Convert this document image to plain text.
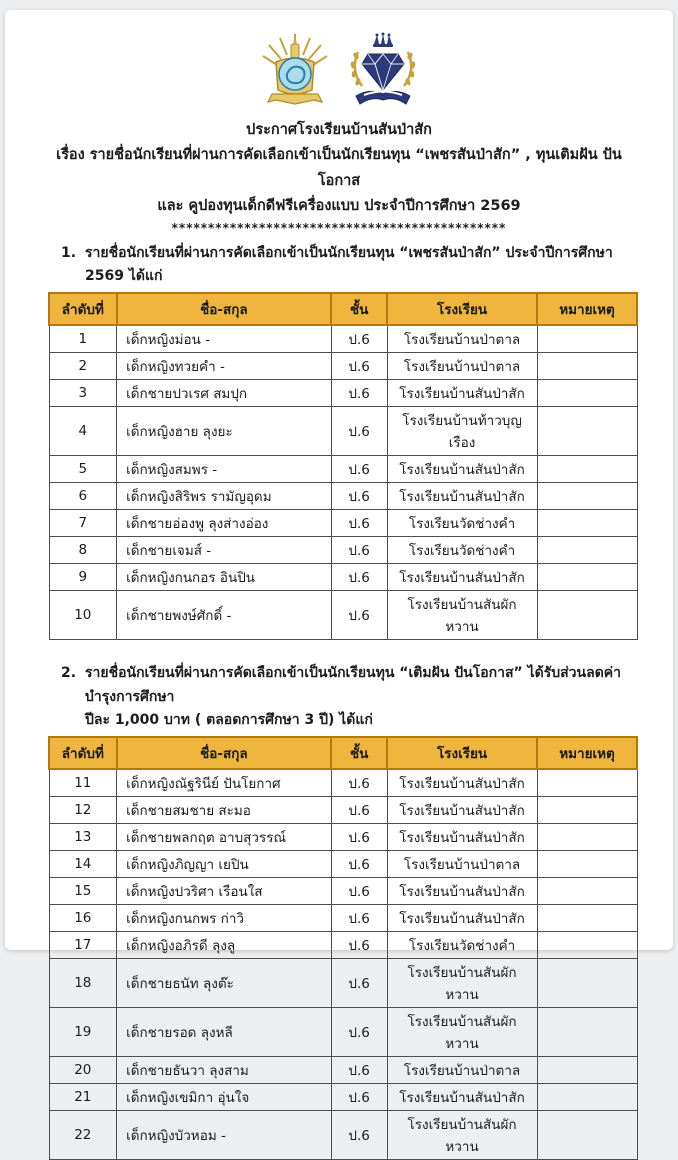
ประกาศโรงเรียนบ้านสันป่าสัก
เรื่อง รายชื่อนักเรียนที่ผ่านการคัดเลือกเข้าเป็นนักเรียนทุน “เพชรสันป่าสัก” , ทุนเติมฝัน ปันโอกาส
และ คูปองทุนเด็กดีฟรีเครื่องแบบ ประจำปีการศึกษา 2569
**********************************************
1. รายชื่อนักเรียนที่ผ่านการคัดเลือกเข้าเป็นนักเรียนทุน “เพชรสันป่าสัก” ประจำปีการศึกษา 2569 ได้แก่
ลำดับที่	ชื่อ-สกุล	ชั้น	โรงเรียน	หมายเหตุ
1	เด็กหญิงม่อน -	ป.6	โรงเรียนบ้านป่าตาล	
2	เด็กหญิงทวยคำ -	ป.6	โรงเรียนบ้านป่าตาล	
3	เด็กชายปวเรศ สมปุก	ป.6	โรงเรียนบ้านสันป่าสัก	
4	เด็กหญิงฮาย ลุงยะ	ป.6	โรงเรียนบ้านท้าวบุญเรือง	
5	เด็กหญิงสมพร -	ป.6	โรงเรียนบ้านสันป่าสัก	
6	เด็กหญิงสิริพร รามัญอุดม	ป.6	โรงเรียนบ้านสันป่าสัก	
7	เด็กชายอ่องพู ลุงส่างอ่อง	ป.6	โรงเรียนวัดช่างคำ	
8	เด็กชายเจมส์ -	ป.6	โรงเรียนวัดช่างคำ	
9	เด็กหญิงกนกอร อินปิน	ป.6	โรงเรียนบ้านสันป่าสัก	
10	เด็กชายพงษ์ศักดิ์ -	ป.6	โรงเรียนบ้านสันผักหวาน	
2. รายชื่อนักเรียนที่ผ่านการคัดเลือกเข้าเป็นนักเรียนทุน “เติมฝัน ปันโอกาส” ได้รับส่วนลดค่าบำรุงการศึกษา
ปีละ 1,000 บาท ( ตลอดการศึกษา 3 ปี) ได้แก่
ลำดับที่	ชื่อ-สกุล	ชั้น	โรงเรียน	หมายเหตุ
11	เด็กหญิงณัฐรินีย์ ปันโยกาศ	ป.6	โรงเรียนบ้านสันป่าสัก	
12	เด็กชายสมชาย สะมอ	ป.6	โรงเรียนบ้านสันป่าสัก	
13	เด็กชายพลกฤต อาบสุวรรณ์	ป.6	โรงเรียนบ้านสันป่าสัก	
14	เด็กหญิงภิญญา เยปิน	ป.6	โรงเรียนบ้านป่าตาล	
15	เด็กหญิงปวริศา เรือนใส	ป.6	โรงเรียนบ้านสันป่าสัก	
16	เด็กหญิงกนกพร ก่าวิ	ป.6	โรงเรียนบ้านสันป่าสัก	
17	เด็กหญิงอภิรดี ลุงลู	ป.6	โรงเรียนวัดช่างคำ	
18	เด็กชายธนัท ลุงต๊ะ	ป.6	โรงเรียนบ้านสันผักหวาน	
19	เด็กชายรอด ลุงหลี	ป.6	โรงเรียนบ้านสันผักหวาน	
20	เด็กชายธันวา ลุงสาม	ป.6	โรงเรียนบ้านป่าตาล	
21	เด็กหญิงเขมิกา อุ่นใจ	ป.6	โรงเรียนบ้านสันป่าสัก	
22	เด็กหญิงบัวหอม -	ป.6	โรงเรียนบ้านสันผักหวาน	
